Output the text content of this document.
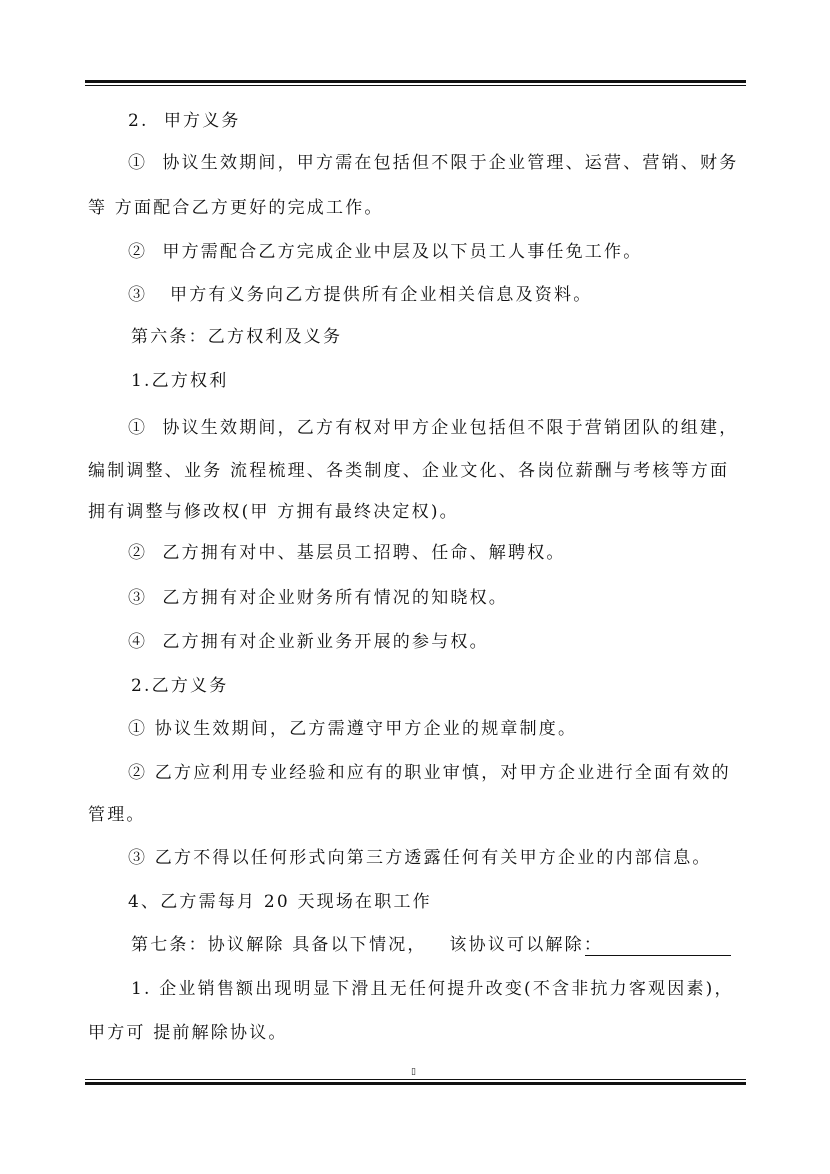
2.  甲方义务
①  协议生效期间，甲方需在包括但不限于企业管理、运营、营销、财务
等 方面配合乙方更好的完成工作。
②  甲方需配合乙方完成企业中层及以下员工人事任免工作。
③   甲方有义务向乙方提供所有企业相关信息及资料。
第六条：乙方权利及义务
1.乙方权利
①  协议生效期间，乙方有权对甲方企业包括但不限于营销团队的组建，
编制调整、业务 流程梳理、各类制度、企业文化、各岗位薪酬与考核等方面
拥有调整与修改权(甲 方拥有最终决定权)。
②  乙方拥有对中、基层员工招聘、任命、解聘权。
③  乙方拥有对企业财务所有情况的知晓权。
④  乙方拥有对企业新业务开展的参与权。
2.乙方义务
① 协议生效期间，乙方需遵守甲方企业的规章制度。
② 乙方应利用专业经验和应有的职业审慎，对甲方企业进行全面有效的
管理。
③ 乙方不得以任何形式向第三方透露任何有关甲方企业的内部信息。
4、乙方需每月 20 天现场在职工作
第七条：协议解除 具备以下情况，   该协议可以解除：
1. 企业销售额出现明显下滑且无任何提升改变(不含非抗力客观因素)，
甲方可 提前解除协议。
▯
